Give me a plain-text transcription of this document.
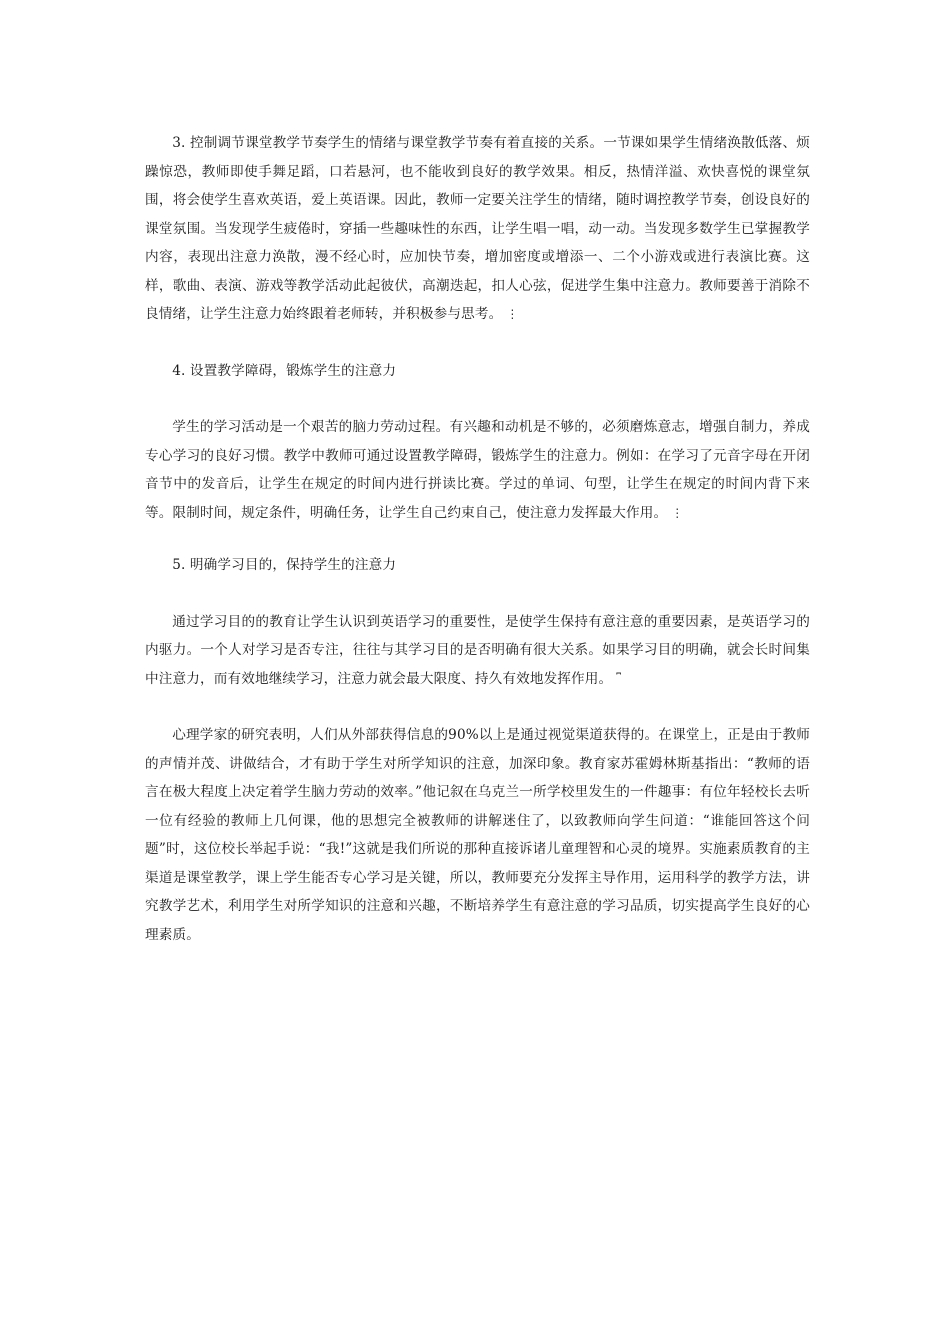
3. 控制调节课堂教学节奏学生的情绪与课堂教学节奏有着直接的关系。一节课如果学生情绪涣散低落、烦躁惊恐，教师即使手舞足蹈，口若悬河，也不能收到良好的教学效果。相反，热情洋溢、欢快喜悦的课堂氛围，将会使学生喜欢英语，爱上英语课。因此，教师一定要关注学生的情绪，随时调控教学节奏，创设良好的课堂氛围。当发现学生疲倦时，穿插一些趣味性的东西，让学生唱一唱，动一动。当发现多数学生已掌握教学内容，表现出注意力涣散，漫不经心时，应加快节奏，增加密度或增添一、二个小游戏或进行表演比赛。这样，歌曲、表演、游戏等教学活动此起彼伏，高潮迭起，扣人心弦，促进学生集中注意力。教师要善于消除不良情绪，让学生注意力始终跟着老师转，并积极参与思考。 ⋮

4. 设置教学障碍，锻炼学生的注意力

学生的学习活动是一个艰苦的脑力劳动过程。有兴趣和动机是不够的，必须磨炼意志，增强自制力，养成专心学习的良好习惯。教学中教师可通过设置教学障碍，锻炼学生的注意力。例如：在学习了元音字母在开闭音节中的发音后，让学生在规定的时间内进行拼读比赛。学过的单词、句型，让学生在规定的时间内背下来等。限制时间，规定条件，明确任务，让学生自己约束自己，使注意力发挥最大作用。 ⋮

5. 明确学习目的，保持学生的注意力

通过学习目的的教育让学生认识到英语学习的重要性，是使学生保持有意注意的重要因素，是英语学习的内驱力。一个人对学习是否专注，往往与其学习目的是否明确有很大关系。如果学习目的明确，就会长时间集中注意力，而有效地继续学习，注意力就会最大限度、持久有效地发挥作用。 ⎴

心理学家的研究表明，人们从外部获得信息的90%以上是通过视觉渠道获得的。在课堂上，正是由于教师的声情并茂、讲做结合，才有助于学生对所学知识的注意，加深印象。教育家苏霍姆林斯基指出：“教师的语言在极大程度上决定着学生脑力劳动的效率。”他记叙在乌克兰一所学校里发生的一件趣事：有位年轻校长去听一位有经验的教师上几何课，他的思想完全被教师的讲解迷住了，以致教师向学生问道：“谁能回答这个问题”时，这位校长举起手说：“我!”这就是我们所说的那种直接诉诸儿童理智和心灵的境界。实施素质教育的主渠道是课堂教学，课上学生能否专心学习是关键，所以，教师要充分发挥主导作用，运用科学的教学方法，讲究教学艺术，利用学生对所学知识的注意和兴趣，不断培养学生有意注意的学习品质，切实提高学生良好的心理素质。
